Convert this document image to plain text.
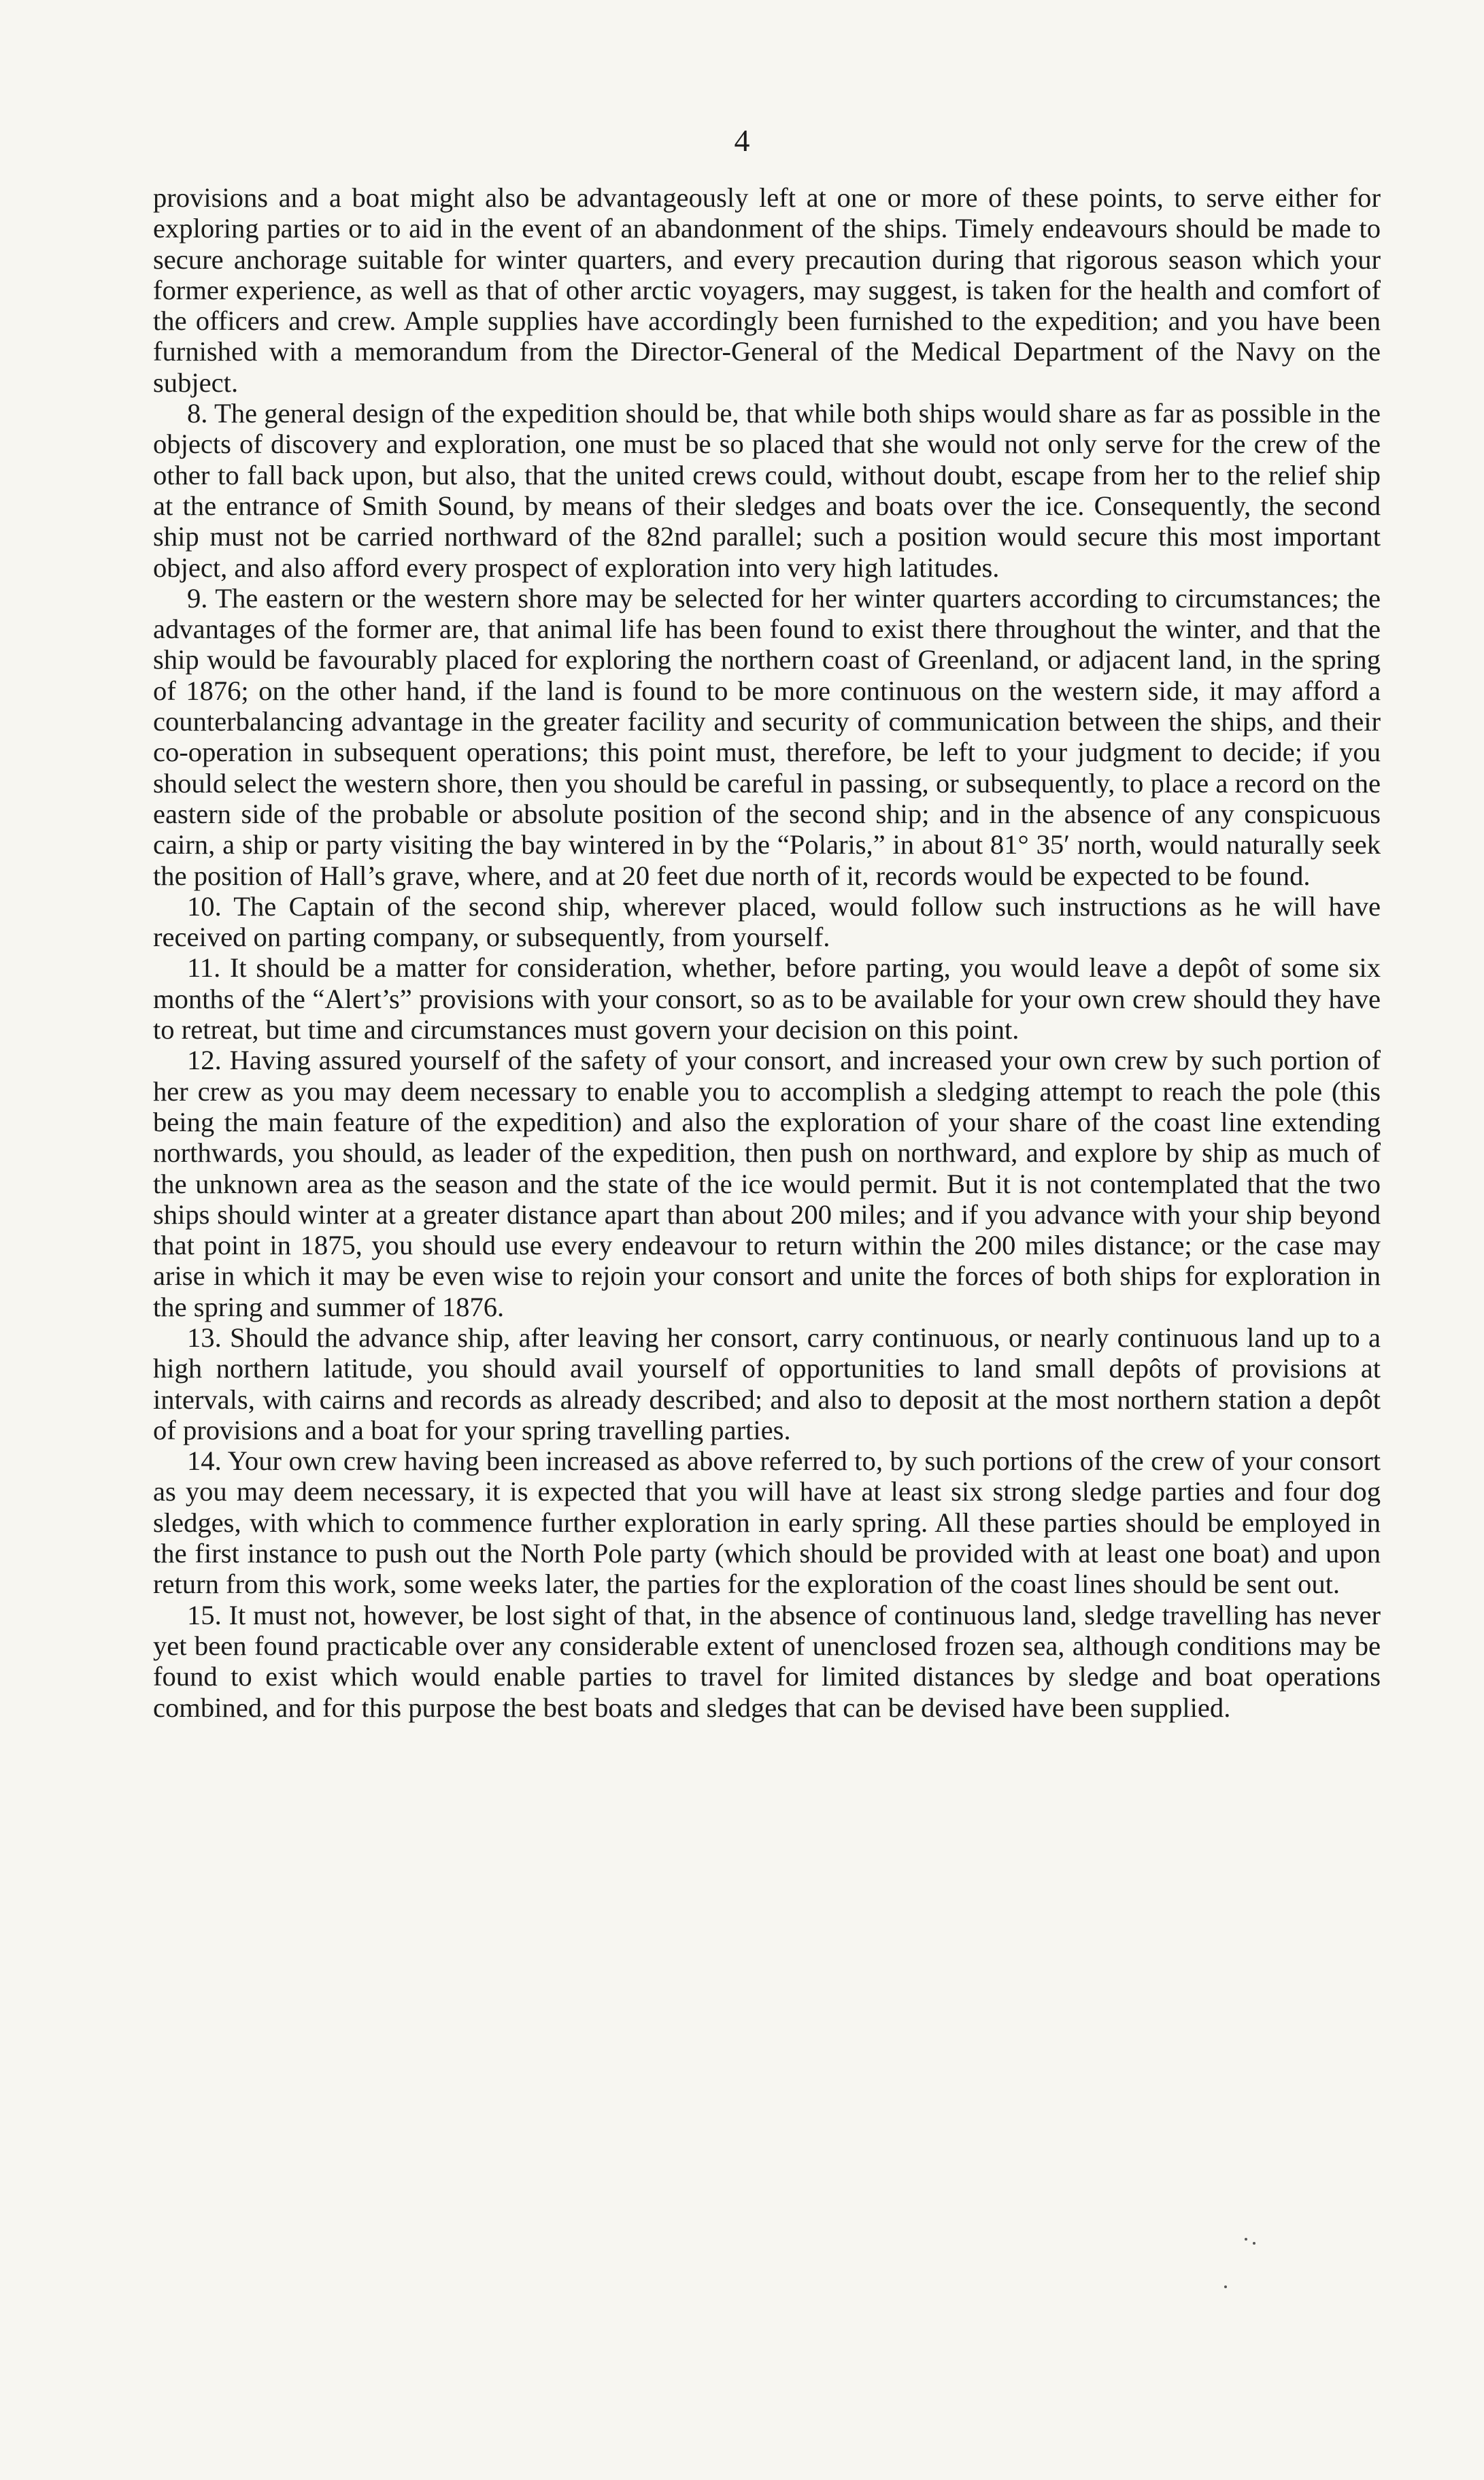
4

provisions and a boat might also be advantageously left at one or more of these points, to serve either for exploring parties or to aid in the event of an abandonment of the ships. Timely endeavours should be made to secure anchorage suitable for winter quarters, and every precaution during that rigorous season which your former experience, as well as that of other arctic voyagers, may suggest, is taken for the health and comfort of the officers and crew. Ample supplies have accordingly been furnished to the expedition; and you have been furnished with a memorandum from the Director-General of the Medical Department of the Navy on the subject.

8. The general design of the expedition should be, that while both ships would share as far as possible in the objects of discovery and exploration, one must be so placed that she would not only serve for the crew of the other to fall back upon, but also, that the united crews could, without doubt, escape from her to the relief ship at the entrance of Smith Sound, by means of their sledges and boats over the ice. Consequently, the second ship must not be carried northward of the 82nd parallel; such a position would secure this most important object, and also afford every prospect of exploration into very high latitudes.

9. The eastern or the western shore may be selected for her winter quarters according to circumstances; the advantages of the former are, that animal life has been found to exist there throughout the winter, and that the ship would be favourably placed for exploring the northern coast of Greenland, or adjacent land, in the spring of 1876; on the other hand, if the land is found to be more continuous on the western side, it may afford a counterbalancing advantage in the greater facility and security of communication between the ships, and their co-operation in subsequent operations; this point must, therefore, be left to your judgment to decide; if you should select the western shore, then you should be careful in passing, or subsequently, to place a record on the eastern side of the probable or absolute position of the second ship; and in the absence of any conspicuous cairn, a ship or party visiting the bay wintered in by the “Polaris,” in about 81° 35′ north, would naturally seek the position of Hall’s grave, where, and at 20 feet due north of it, records would be expected to be found.

10. The Captain of the second ship, wherever placed, would follow such instructions as he will have received on parting company, or subsequently, from yourself.

11. It should be a matter for consideration, whether, before parting, you would leave a depôt of some six months of the “Alert’s” provisions with your consort, so as to be available for your own crew should they have to retreat, but time and circumstances must govern your decision on this point.

12. Having assured yourself of the safety of your consort, and increased your own crew by such portion of her crew as you may deem necessary to enable you to accomplish a sledging attempt to reach the pole (this being the main feature of the expedition) and also the exploration of your share of the coast line extending northwards, you should, as leader of the expedition, then push on northward, and explore by ship as much of the unknown area as the season and the state of the ice would permit. But it is not contemplated that the two ships should winter at a greater distance apart than about 200 miles; and if you advance with your ship beyond that point in 1875, you should use every endeavour to return within the 200 miles distance; or the case may arise in which it may be even wise to rejoin your consort and unite the forces of both ships for exploration in the spring and summer of 1876.

13. Should the advance ship, after leaving her consort, carry continuous, or nearly continuous land up to a high northern latitude, you should avail yourself of opportunities to land small depôts of provisions at intervals, with cairns and records as already described; and also to deposit at the most northern station a depôt of provisions and a boat for your spring travelling parties.

14. Your own crew having been increased as above referred to, by such portions of the crew of your consort as you may deem necessary, it is expected that you will have at least six strong sledge parties and four dog sledges, with which to commence further exploration in early spring. All these parties should be employed in the first instance to push out the North Pole party (which should be provided with at least one boat) and upon return from this work, some weeks later, the parties for the exploration of the coast lines should be sent out.

15. It must not, however, be lost sight of that, in the absence of continuous land, sledge travelling has never yet been found practicable over any considerable extent of unenclosed frozen sea, although conditions may be found to exist which would enable parties to travel for limited distances by sledge and boat operations combined, and for this purpose the best boats and sledges that can be devised have been supplied.
